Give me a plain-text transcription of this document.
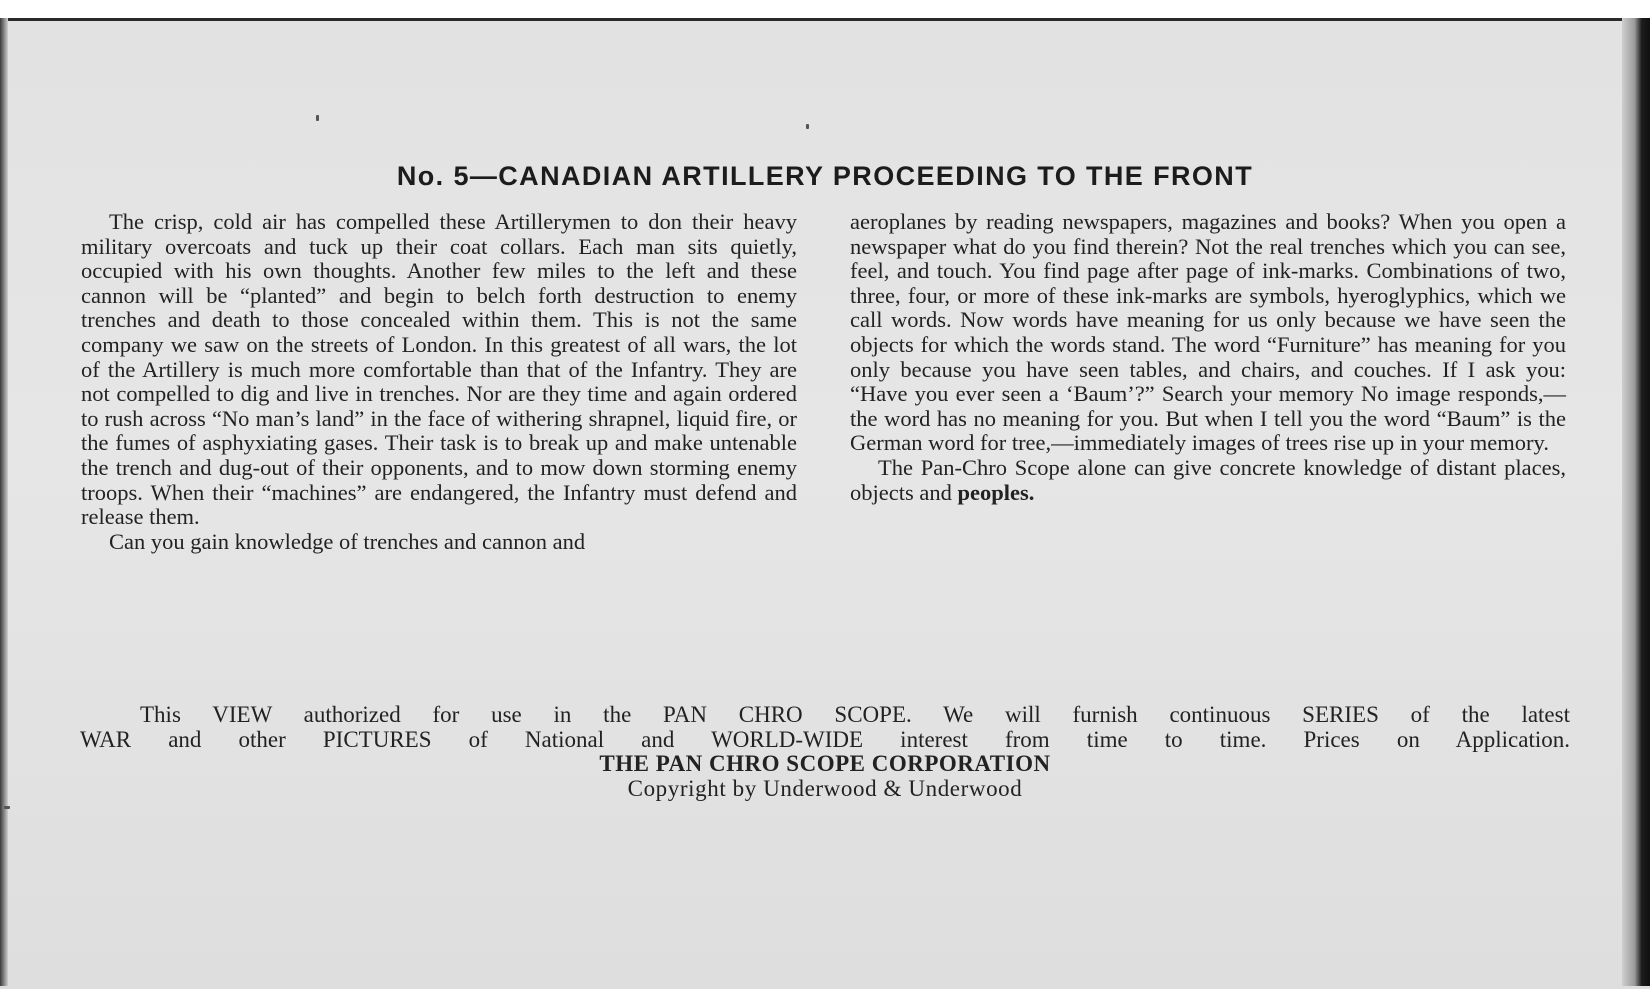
No. 5—CANADIAN ARTILLERY PROCEEDING TO THE FRONT

The crisp, cold air has compelled these Artillerymen to don their heavy military overcoats and tuck up their coat collars. Each man sits quietly, occupied with his own thoughts. Another few miles to the left and these cannon will be “planted” and begin to belch forth destruction to enemy trenches and death to those concealed within them. This is not the same company we saw on the streets of London. In this greatest of all wars, the lot of the Artillery is much more comfortable than that of the Infantry. They are not compelled to dig and live in trenches. Nor are they time and again ordered to rush across “No man’s land” in the face of withering shrapnel, liquid fire, or the fumes of asphyxiating gases. Their task is to break up and make untenable the trench and dug-out of their opponents, and to mow down storming enemy troops. When their “machines” are endangered, the Infantry must defend and release them.

Can you gain knowledge of trenches and cannon and

aeroplanes by reading newspapers, magazines and books? When you open a newspaper what do you find therein? Not the real trenches which you can see, feel, and touch. You find page after page of ink-marks. Combinations of two, three, four, or more of these ink-marks are symbols, hyeroglyphics, which we call words. Now words have meaning for us only because we have seen the objects for which the words stand. The word “Furniture” has meaning for you only because you have seen tables, and chairs, and couches. If I ask you: “Have you ever seen a ‘Baum’?” Search your memory No image responds,—the word has no meaning for you. But when I tell you the word “Baum” is the German word for tree,—immediately images of trees rise up in your memory.

The Pan-Chro Scope alone can give concrete knowledge of distant places, objects and peoples.

This VIEW authorized for use in the PAN CHRO SCOPE. We will furnish continuous SERIES of the latest

WAR and other PICTURES of National and WORLD-WIDE interest from time to time. Prices on Application.

THE PAN CHRO SCOPE CORPORATION

Copyright by Underwood & Underwood
